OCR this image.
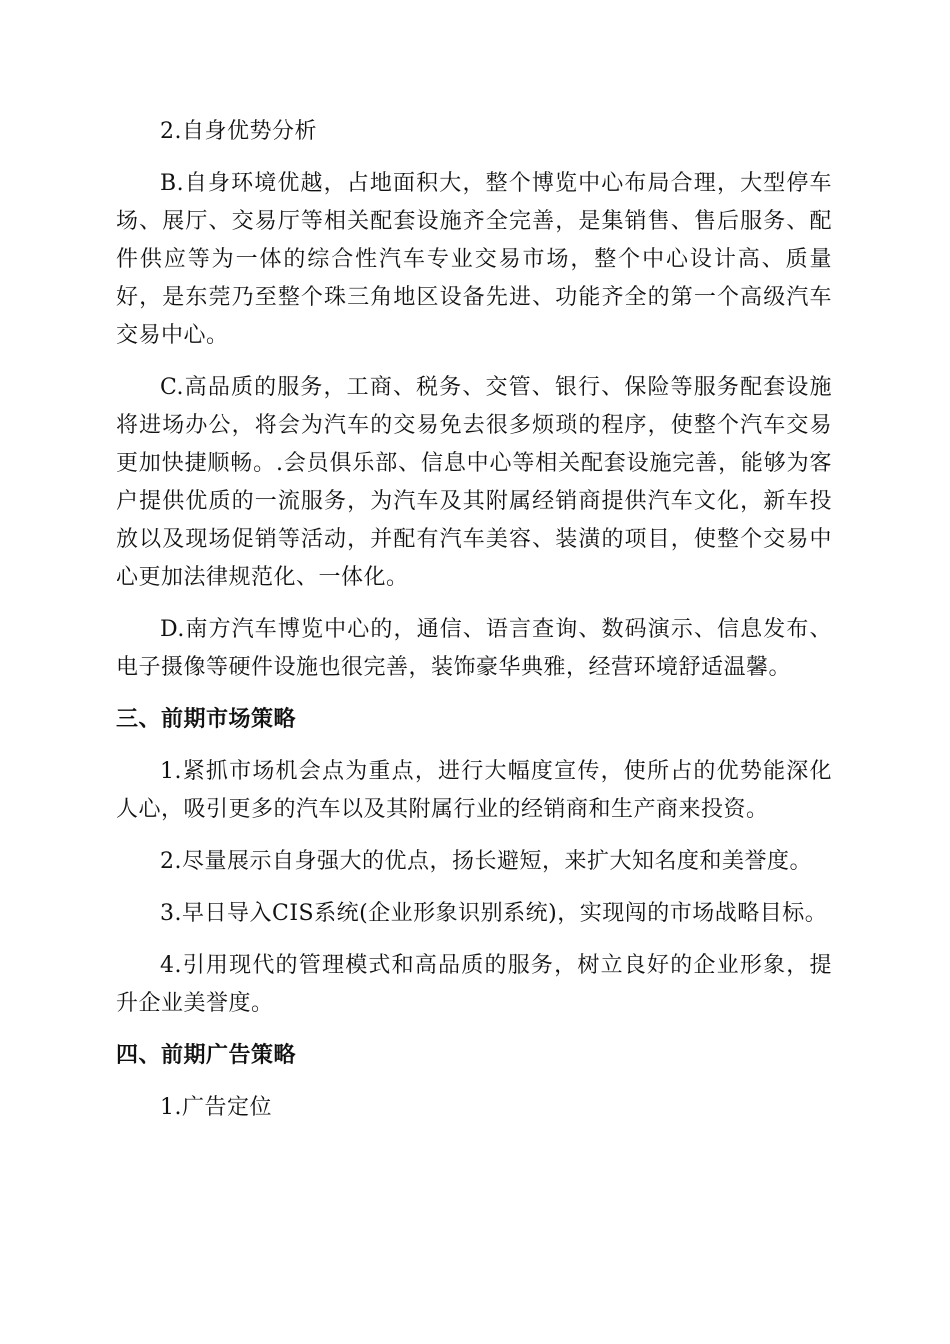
2.自身优势分析

B.自身环境优越，占地面积大，整个博览中心布局合理，大型停车场、展厅、交易厅等相关配套设施齐全完善，是集销售、售后服务、配件供应等为一体的综合性汽车专业交易市场，整个中心设计高、质量好，是东莞乃至整个珠三角地区设备先进、功能齐全的第一个高级汽车交易中心。

C.高品质的服务，工商、税务、交管、银行、保险等服务配套设施将进场办公，将会为汽车的交易免去很多烦琐的程序，使整个汽车交易更加快捷顺畅。.会员俱乐部、信息中心等相关配套设施完善，能够为客户提供优质的一流服务，为汽车及其附属经销商提供汽车文化，新车投放以及现场促销等活动，并配有汽车美容、装潢的项目，使整个交易中心更加法律规范化、一体化。

D.南方汽车博览中心的，通信、语言查询、数码演示、信息发布、电子摄像等硬件设施也很完善，装饰豪华典雅，经营环境舒适温馨。

三、前期市场策略

1.紧抓市场机会点为重点，进行大幅度宣传，使所占的优势能深化人心，吸引更多的汽车以及其附属行业的经销商和生产商来投资。

2.尽量展示自身强大的优点，扬长避短，来扩大知名度和美誉度。

3.早日导入CIS系统(企业形象识别系统)，实现闯的市场战略目标。

4.引用现代的管理模式和高品质的服务，树立良好的企业形象，提升企业美誉度。

四、前期广告策略

1.广告定位
